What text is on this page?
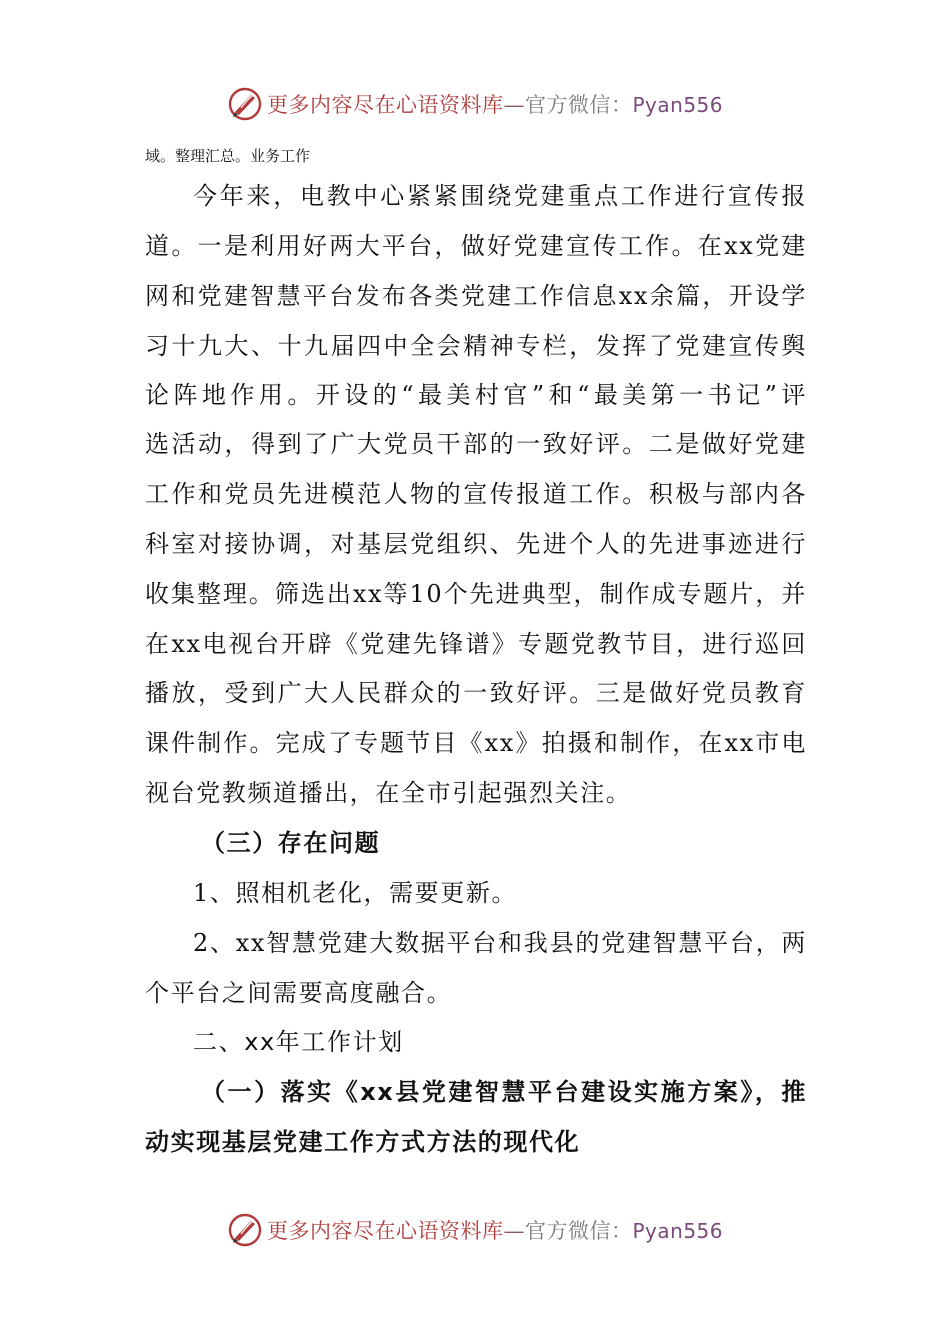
更多内容尽在心语资料库—官方微信：Pyan556
域。整理汇总。业务工作
今年来，电教中心紧紧围绕党建重点工作进行宣传报
道。一是利用好两大平台，做好党建宣传工作。在xx党建
网和党建智慧平台发布各类党建工作信息xx余篇，开设学
习十九大、十九届四中全会精神专栏，发挥了党建宣传舆
论阵地作用。开设的“最美村官”和“最美第一书记”评
选活动，得到了广大党员干部的一致好评。二是做好党建
工作和党员先进模范人物的宣传报道工作。积极与部内各
科室对接协调，对基层党组织、先进个人的先进事迹进行
收集整理。筛选出xx等10个先进典型，制作成专题片，并
在xx电视台开辟《党建先锋谱》专题党教节目，进行巡回
播放，受到广大人民群众的一致好评。三是做好党员教育
课件制作。完成了专题节目《xx》拍摄和制作，在xx市电
视台党教频道播出，在全市引起强烈关注。
（三）存在问题
1、照相机老化，需要更新。
2、xx智慧党建大数据平台和我县的党建智慧平台，两
个平台之间需要高度融合。
二、xx年工作计划
（一）落实《xx县党建智慧平台建设实施方案》，推
动实现基层党建工作方式方法的现代化
更多内容尽在心语资料库—官方微信：Pyan556
